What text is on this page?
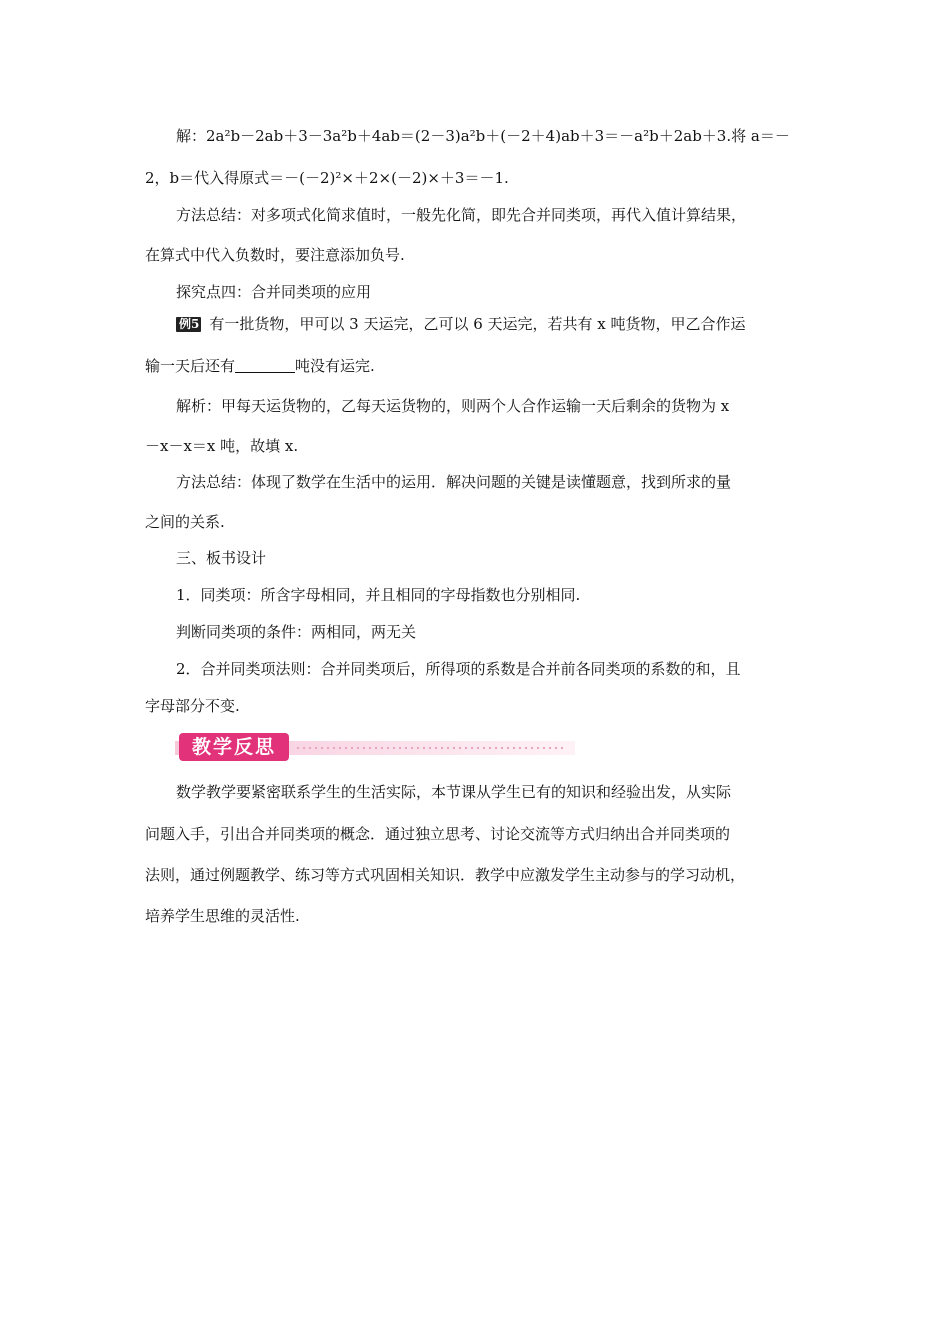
解：2a²b－2ab＋3－3a²b＋4ab＝(2－3)a²b＋(－2＋4)ab＋3＝－a²b＋2ab＋3.将 a＝－

2，b＝代入得原式＝－(－2)²×＋2×(－2)×＋3＝－1.

方法总结：对多项式化简求值时，一般先化简，即先合并同类项，再代入值计算结果，

在算式中代入负数时，要注意添加负号.

探究点四：合并同类项的应用

例5 有一批货物，甲可以 3 天运完，乙可以 6 天运完，若共有 x 吨货物，甲乙合作运

输一天后还有	吨没有运完.

解析：甲每天运货物的，乙每天运货物的，则两个人合作运输一天后剩余的货物为 x

－x－x＝x 吨，故填 x.

方法总结：体现了数学在生活中的运用．解决问题的关键是读懂题意，找到所求的量

之间的关系.

三、板书设计

1．同类项：所含字母相同，并且相同的字母指数也分别相同.

判断同类项的条件：两相同，两无关

2．合并同类项法则：合并同类项后，所得项的系数是合并前各同类项的系数的和，且

字母部分不变.

教学反思

数学教学要紧密联系学生的生活实际，本节课从学生已有的知识和经验出发，从实际

问题入手，引出合并同类项的概念．通过独立思考、讨论交流等方式归纳出合并同类项的

法则，通过例题教学、练习等方式巩固相关知识．教学中应激发学生主动参与的学习动机，

培养学生思维的灵活性.
